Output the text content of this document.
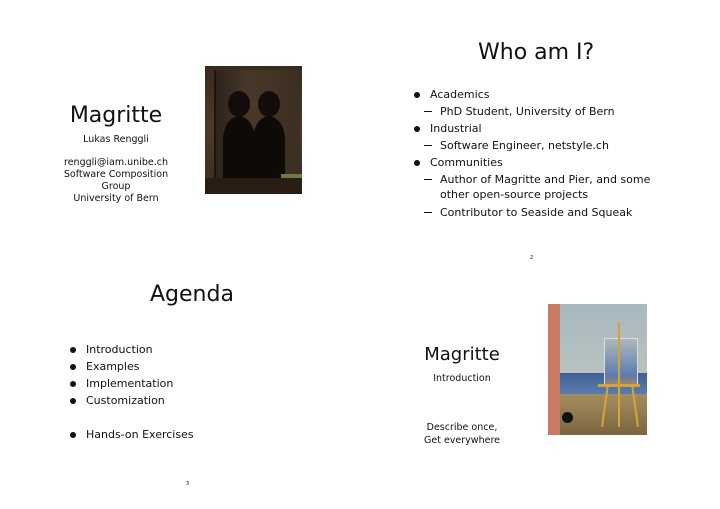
Magritte
Lukas Renggli
renggli@iam.unibe.ch
Software Composition Group
University of Bern
Who am I?
Academics
PhD Student, University of Bern
Industrial
Software Engineer, netstyle.ch
Communities
Author of Magritte and Pier, and some other open-source projects
Contributor to Seaside and Squeak
2
Agenda
Introduction
Examples
Implementation
Customization
Hands-on Exercises
3
Magritte
Introduction
Describe once,
Get everywhere
